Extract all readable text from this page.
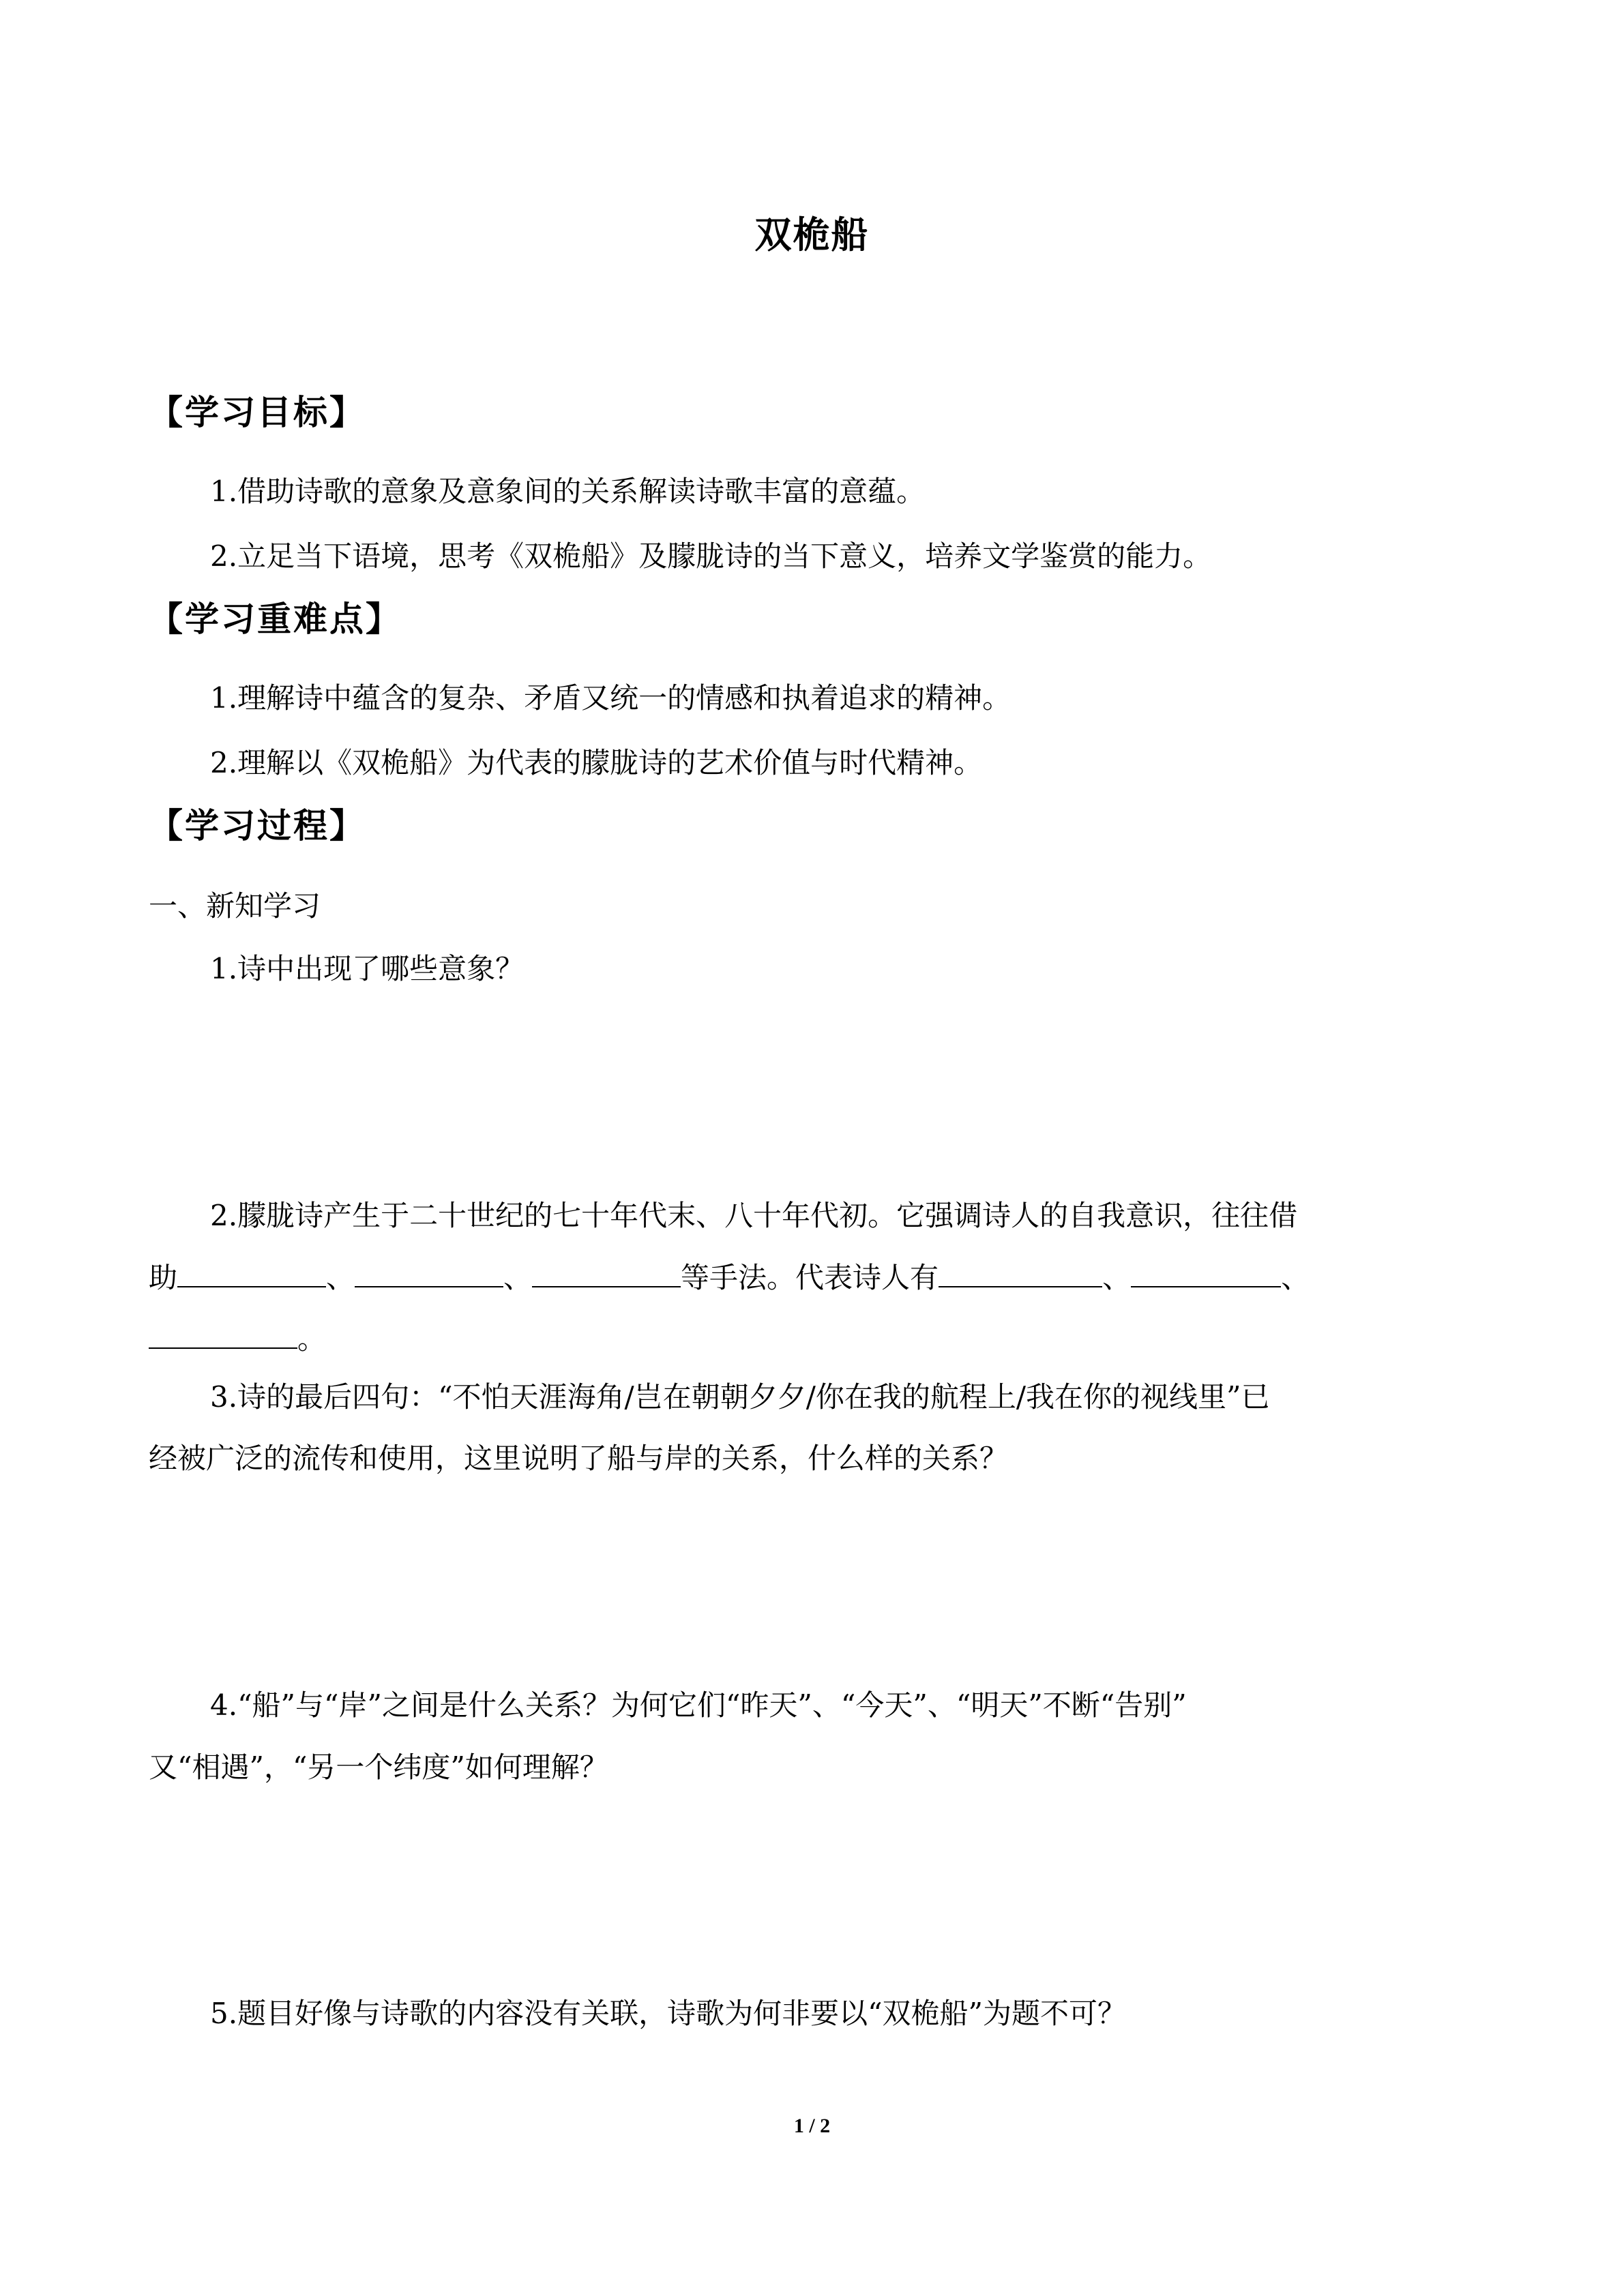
双桅船
【学习目标】
1.借助诗歌的意象及意象间的关系解读诗歌丰富的意蕴。
2.立足当下语境，思考《双桅船》及朦胧诗的当下意义，培养文学鉴赏的能力。
【学习重难点】
1.理解诗中蕴含的复杂、矛盾又统一的情感和执着追求的精神。
2.理解以《双桅船》为代表的朦胧诗的艺术价值与时代精神。
【学习过程】
一、新知学习
1.诗中出现了哪些意象？
2.朦胧诗产生于二十世纪的七十年代末、八十年代初。它强调诗人的自我意识，往往借
助	、	、	等手法。代表诗人有	、	、
。
3.诗的最后四句：“不怕天涯海角/岂在朝朝夕夕/你在我的航程上/我在你的视线里”已
经被广泛的流传和使用，这里说明了船与岸的关系，什么样的关系？
4.“船”与“岸”之间是什么关系？为何它们“昨天”、“今天”、“明天”不断“告别”
又“相遇”，“另一个纬度”如何理解？
5.题目好像与诗歌的内容没有关联，诗歌为何非要以“双桅船”为题不可？
1 / 2
